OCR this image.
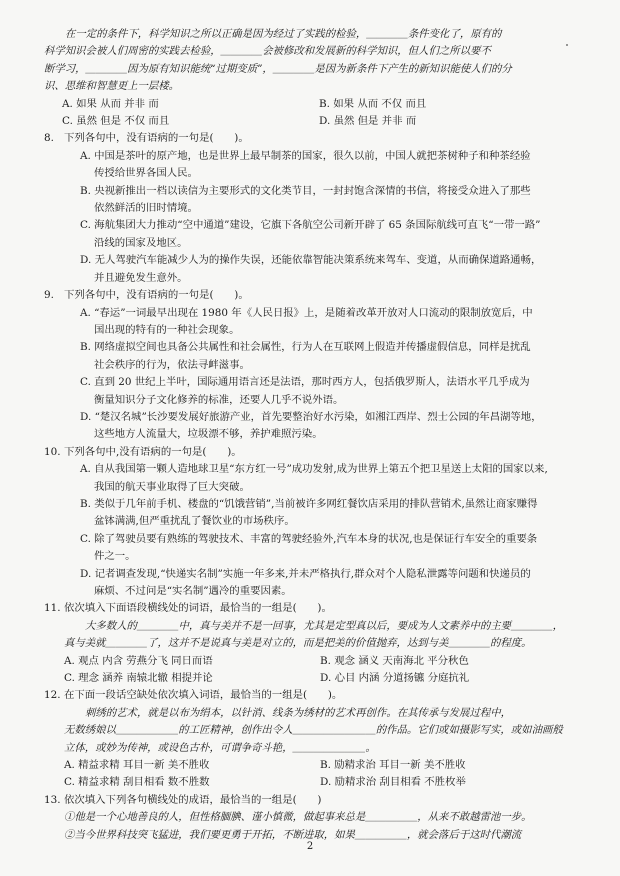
在一定的条件下，科学知识之所以正确是因为经过了实践的检验，＿＿＿＿条件变化了，原有的

科学知识会被人们周密的实践去检验，＿＿＿＿会被修改和发展新的科学知识，但人们之所以要不

断学习，＿＿＿＿因为原有知识能统“过期变质”，＿＿＿＿是因为新条件下产生的新知识能使人们的分

识、思维和智慧更上一层楼。

A. 如果 从而 并非 而	B. 如果 从而 不仅 而且
C. 虽然 但是 不仅 而且	D. 虽然 但是 并非 而

8. 下列各句中，没有语病的一句是(　　)。

A. 中国是茶叶的原产地，也是世界上最早制茶的国家，很久以前，中国人就把茶树种子和种茶经验

传授给世界各国人民。

B. 央视新推出一档以读信为主要形式的文化类节目，一封封饱含深情的书信，将接受众进入了那些

依然鲜活的旧时情境。

C. 海航集团大力推动“空中通道”建设，它旗下各航空公司新开辟了 65 条国际航线可直飞“一带一路”

沿线的国家及地区。

D. 无人驾驶汽车能减少人为的操作失误，还能依靠智能决策系统来驾车、变道，从而确保道路通畅，

并且避免发生意外。

9. 下列各句中，没有语病的一句是(　　)。

A. “春运”一词最早出现在 1980 年《人民日报》上，是随着改革开放对人口流动的限制放宽后，中

国出现的特有的一种社会现象。

B. 网络虚拟空间也具备公共属性和社会属性，行为人在互联网上假造并传播虚假信息，同样是扰乱

社会秩序的行为，依法寻衅滋事。

C. 直到 20 世纪上半叶，国际通用语言还是法语，那时西方人，包括俄罗斯人，法语水平几乎成为

衡量知识分子文化修养的标准，还要人几乎不说外语。

D. “楚汉名城”长沙要发展好旅游产业，首先要整治好水污染，如湘江西岸、烈士公园的年昌湖等地，

这些地方人流量大，垃圾漂不够，养护难照污染。

10. 下列各句中,没有语病的一句是(　　)。

A. 自从我国第一颗人造地球卫星“东方红一号”成功发射,成为世界上第五个把卫星送上太阳的国家以来,

我国的航天事业取得了巨大突破。

B. 类似于几年前手机、楼盘的“饥饿营销”,当前被许多网红餐饮店采用的排队营销术,虽然让商家赚得

盆钵满满,但严重扰乱了餐饮业的市场秩序。

C. 除了驾驶员要有熟练的驾驶技术、丰富的驾驶经验外,汽车本身的状况,也是保证行车安全的重要条

件之一。

D. 记者调查发现,“快递实名制”实施一年多来,并未严格执行,群众对个人隐私泄露等问题和快递员的

麻烦、不过问是“实名制”遇冷的重要因素。

11. 依次填入下面语段横线处的词语，最恰当的一组是(　　)。

大多数人的＿＿＿＿中，真与美并不是一回事，尤其是定型真以后，要成为人文素养中的主要＿＿＿＿，

真与美就＿＿＿＿了，这并不是说真与美是对立的，而是把美的价值抛弃，达到与美＿＿＿＿的程度。

A. 观点 内含 劳燕分飞 同日而语	B. 观念 涵义 天南海北 平分秋色
C. 理念 涵养 南辕北辙 相提并论	D. 心目 内涵 分道扬镳 分庭抗礼

12. 在下面一段话空缺处依次填入词语，最恰当的一组是(　　)。

刺绣的艺术，就是以布为绢本，以针消、线条为绣材的艺术再创作。在其传承与发展过程中，

无数绣娘以＿＿＿＿＿＿的工匠精神，创作出令人＿＿＿＿＿＿＿＿的作品。它们或如摄影写实，或如油画般

立体，或妙为传神，或设色古朴，可谓争奇斗艳，＿＿＿＿＿＿＿。

A. 精益求精 耳目一新 美不胜收	B. 励精求治 耳目一新 美不胜收
C. 精益求精 刮目相看 数不胜数	D. 励精求治 刮目相看 不胜枚举

13. 依次填入下列各句横线处的成语，最恰当的一组是(　　)

①他是一个心地善良的人，但性格腼腆、谨小慎微，做起事来总是＿＿＿＿＿，从来不敢越雷池一步。

②当今世界科技突飞猛进，我们要更勇于开拓，不断进取，如果＿＿＿＿＿，就会落后于这时代潮流

2
